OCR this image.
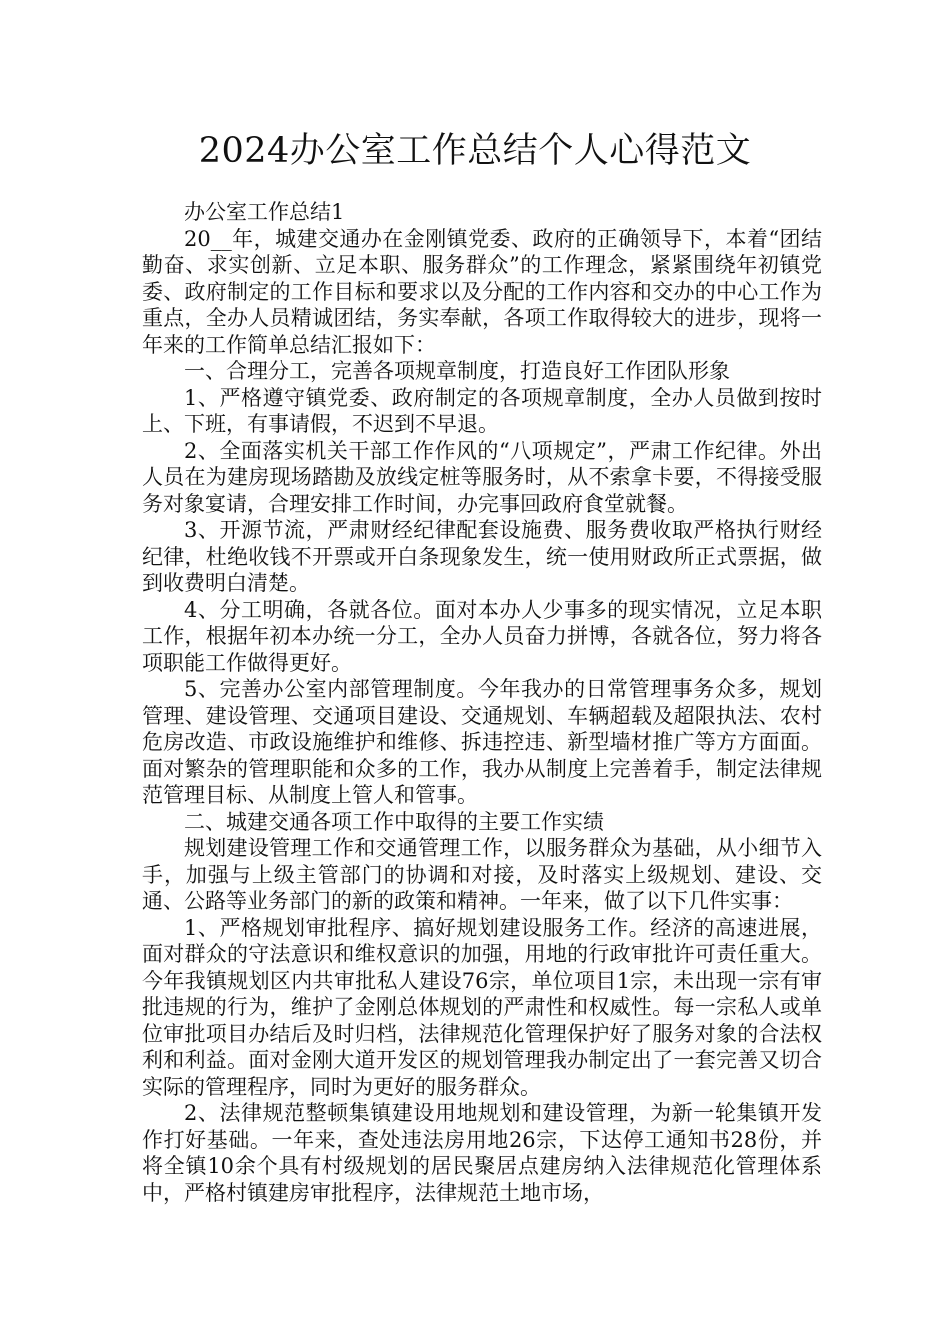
2024办公室工作总结个人心得范文

办公室工作总结1

20__年，城建交通办在金刚镇党委、政府的正确领导下，本着“团结勤奋、求实创新、立足本职、服务群众”的工作理念，紧紧围绕年初镇党委、政府制定的工作目标和要求以及分配的工作内容和交办的中心工作为重点，全办人员精诚团结，务实奉献，各项工作取得较大的进步，现将一年来的工作简单总结汇报如下：

一、合理分工，完善各项规章制度，打造良好工作团队形象

1、严格遵守镇党委、政府制定的各项规章制度，全办人员做到按时上、下班，有事请假，不迟到不早退。

2、全面落实机关干部工作作风的“八项规定”，严肃工作纪律。外出人员在为建房现场踏勘及放线定桩等服务时，从不索拿卡要，不得接受服务对象宴请，合理安排工作时间，办完事回政府食堂就餐。

3、开源节流，严肃财经纪律配套设施费、服务费收取严格执行财经纪律，杜绝收钱不开票或开白条现象发生，统一使用财政所正式票据，做到收费明白清楚。

4、分工明确，各就各位。面对本办人少事多的现实情况，立足本职工作，根据年初本办统一分工，全办人员奋力拼博，各就各位，努力将各项职能工作做得更好。

5、完善办公室内部管理制度。今年我办的日常管理事务众多，规划管理、建设管理、交通项目建设、交通规划、车辆超载及超限执法、农村危房改造、市政设施维护和维修、拆违控违、新型墙材推广等方方面面。面对繁杂的管理职能和众多的工作，我办从制度上完善着手，制定法律规范管理目标、从制度上管人和管事。

二、城建交通各项工作中取得的主要工作实绩

规划建设管理工作和交通管理工作，以服务群众为基础，从小细节入手，加强与上级主管部门的协调和对接，及时落实上级规划、建设、交通、公路等业务部门的新的政策和精神。一年来，做了以下几件实事：

1、严格规划审批程序、搞好规划建设服务工作。经济的高速进展，面对群众的守法意识和维权意识的加强，用地的行政审批许可责任重大。今年我镇规划区内共审批私人建设76宗，单位项目1宗，未出现一宗有审批违规的行为，维护了金刚总体规划的严肃性和权威性。每一宗私人或单位审批项目办结后及时归档，法律规范化管理保护好了服务对象的合法权利和利益。面对金刚大道开发区的规划管理我办制定出了一套完善又切合实际的管理程序，同时为更好的服务群众。

2、法律规范整顿集镇建设用地规划和建设管理，为新一轮集镇开发作打好基础。一年来，查处违法房用地26宗，下达停工通知书28份，并将全镇10余个具有村级规划的居民聚居点建房纳入法律规范化管理体系中，严格村镇建房审批程序，法律规范土地市场，
